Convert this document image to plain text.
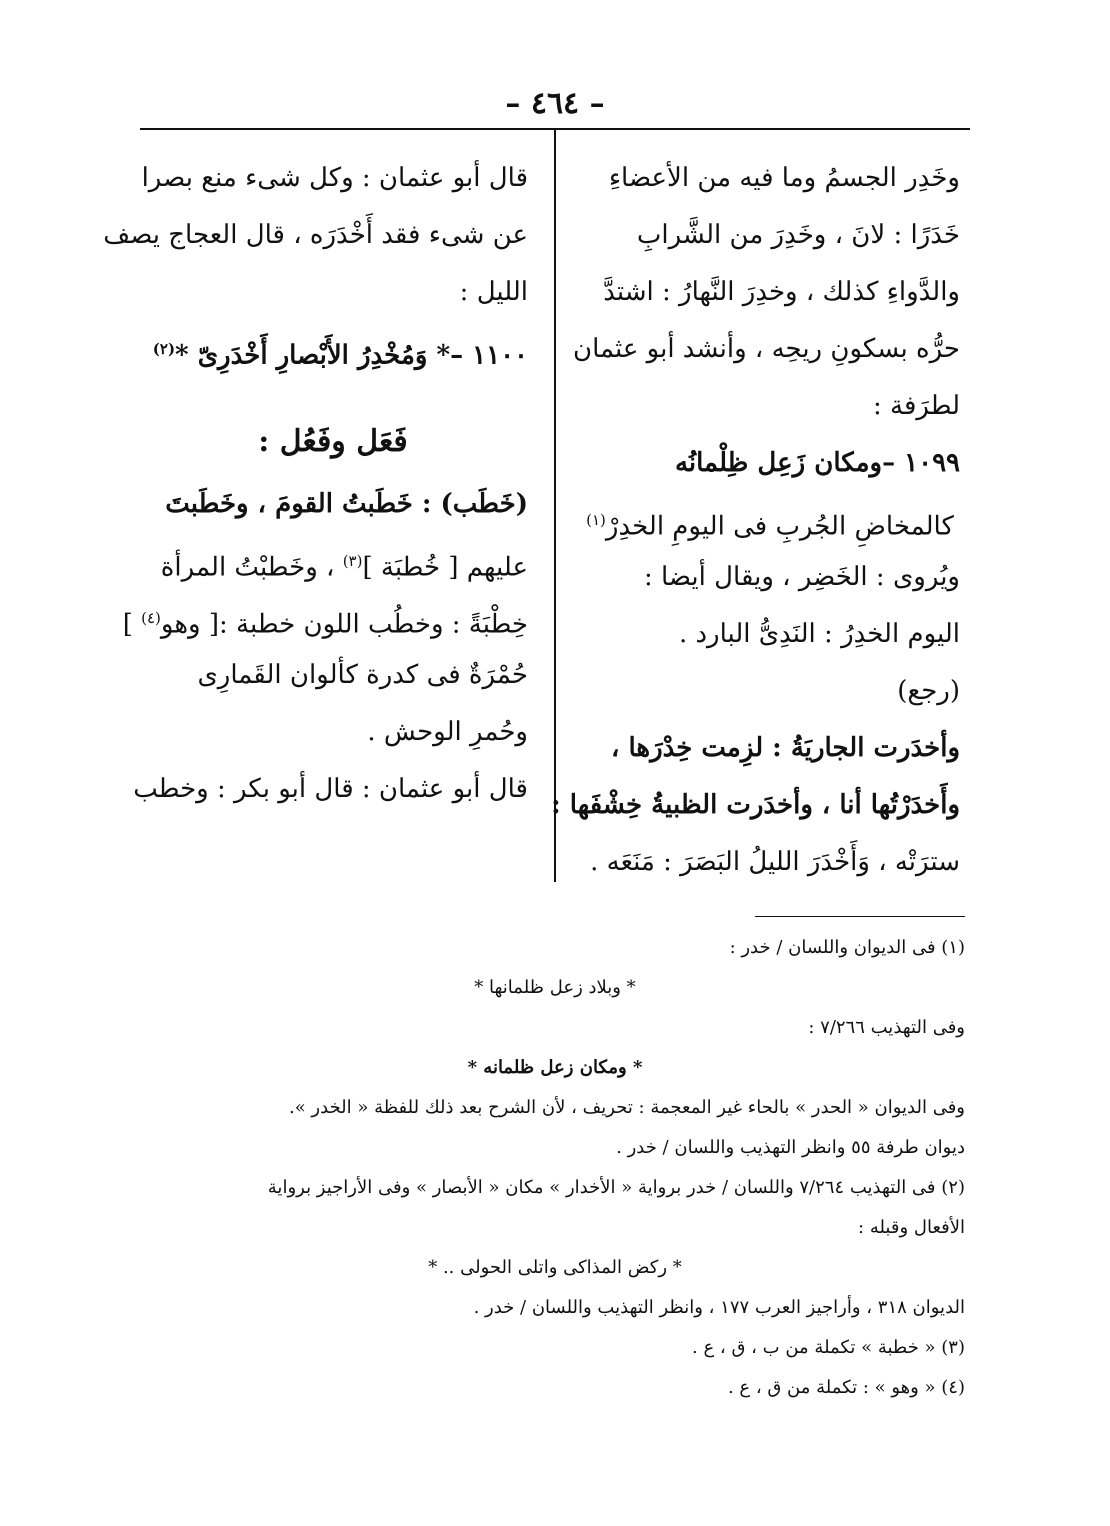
– ٤٦٤ –
وخَدِر الجسمُ وما فيه من الأعضاءِ
خَدَرًا : لانَ ، وخَدِرَ من الشَّرابِ
والدَّواءِ كذلك ، وخدِرَ النَّهارُ : اشتدَّ
حرُّه بسكونِ ريحِه ، وأنشد أبو عثمان
لطرَفة :
١٠٩٩ –ومكان زَعِل ظِلْمانُه
كالمخاضِ الجُربِ فى اليومِ الخدِرْ$^{(١)}$
ويُروى : الخَضِر ، ويقال أيضا :
اليوم الخدِرُ : النَدِىُّ البارد .
(رجع)
وأخدَرت الجاريَةُ : لزِمت خِدْرَها ،
وأَخدَرْتُها أنا ، وأخدَرت الظبيةُ خِشْفَها :
سترَتْه ، وَأَخْدَرَ الليلُ البَصَرَ : مَنَعَه .
قال أبو عثمان : وكل شىء منع بصرا
عن شىء فقد أَخْدَرَه ، قال العجاج يصف
الليل :
١١٠٠ –* وَمُخْدِرُ الأَبْصارِ أَخْدَرِىّ *$^{(٢)}$
فَعَل وفَعُل :
(خَطَب) : خَطَبتُ القومَ ، وخَطَبتَ
عليهم [ خُطبَة ]$^{(٣)}$ ، وخَطبْتُ المرأة
خِطْبَةً : وخطُب اللون خطبة :[ وهو$^{(٤)}$ ]
حُمْرَةٌ فى كدرة كألوان القَمارِى
وحُمرِ الوحش .
قال أبو عثمان : قال أبو بكر : وخطب
(١) فى الديوان واللسان / خدر :
* وبلاد زعل ظلمانها *
وفى التهذيب ٧/٢٦٦ :
* ومكان زعل ظلمانه *
وفى الديوان « الحدر » بالحاء غير المعجمة : تحريف ، لأن الشرح بعد ذلك للفظة « الخدر ».
ديوان طرفة ٥٥ وانظر التهذيب واللسان / خدر .
(٢) فى التهذيب ٧/٢٦٤ واللسان / خدر برواية « الأخدار » مكان « الأبصار » وفى الأراجيز برواية
الأفعال وقبله :
* ركض المذاكى واتلى الحولى .. *
الديوان ٣١٨ ، وأراجيز العرب ١٧٧ ، وانظر التهذيب واللسان / خدر .
(٣) « خطبة » تكملة من ب ، ق ، ع .
(٤) « وهو » : تكملة من ق ، ع .
